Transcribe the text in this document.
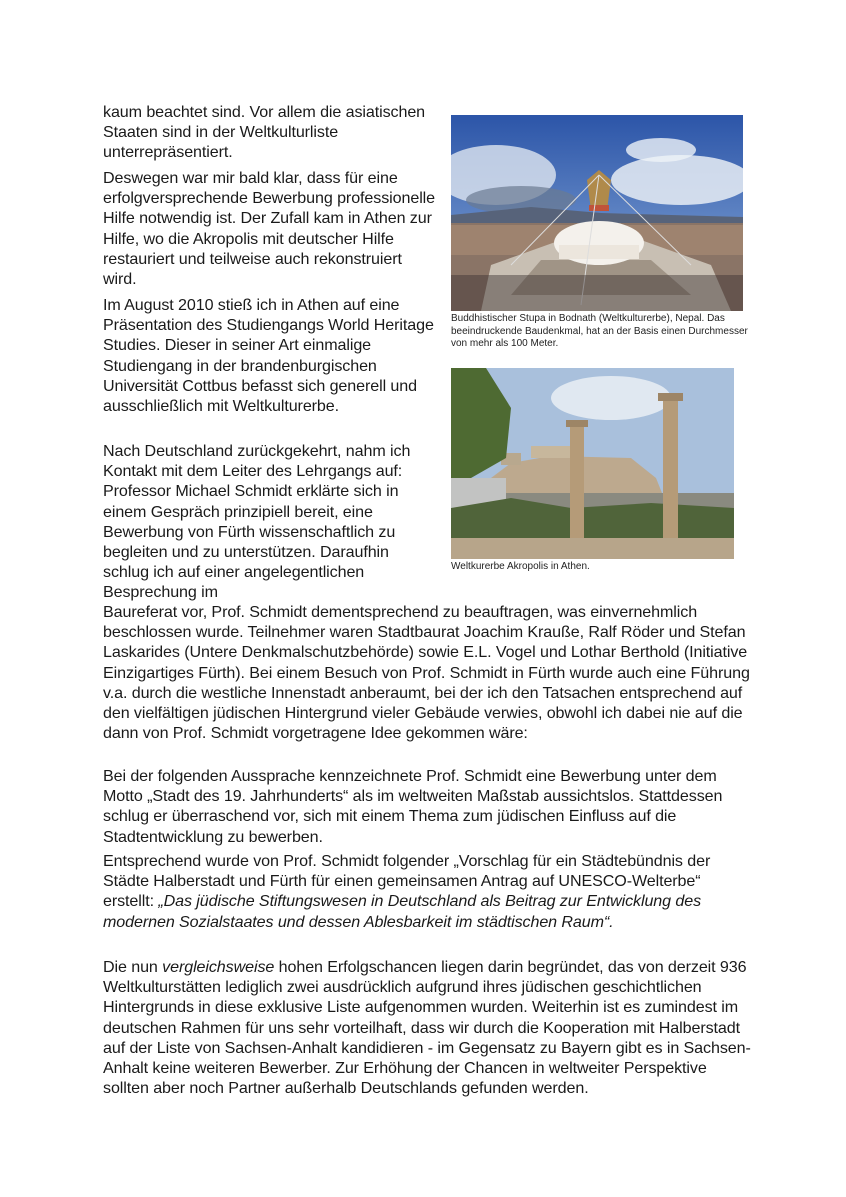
kaum beachtet sind. Vor allem die asiatischen Staaten sind in der Weltkulturliste unterrepräsentiert.

Deswegen war mir bald klar, dass für eine erfolgversprechende Bewerbung professionelle Hilfe notwendig ist. Der Zufall kam in Athen zur Hilfe, wo die Akropolis mit deutscher Hilfe restauriert und teilweise auch rekonstruiert wird.

Im August 2010 stieß ich in Athen auf eine Präsentation des Studiengangs World Heritage Studies. Dieser in seiner Art einmalige Studiengang in der brandenburgischen Universität Cottbus befasst sich generell und ausschließlich mit Weltkulturerbe.

Nach Deutschland zurückgekehrt, nahm ich Kontakt mit dem Leiter des Lehrgangs auf: Professor Michael Schmidt erklärte sich in einem Gespräch prinzipiell bereit, eine Bewerbung von Fürth wissenschaftlich zu begleiten und zu unterstützen. Daraufhin schlug ich auf einer angelegentlichen Besprechung im

Baureferat vor, Prof. Schmidt dementsprechend zu beauftragen, was einvernehmlich beschlossen wurde. Teilnehmer waren Stadtbaurat Joachim Krauße, Ralf Röder und Stefan Laskarides (Untere Denkmalschutzbehörde) sowie E.L. Vogel und Lothar Berthold (Initiative Einzigartiges Fürth). Bei einem Besuch von Prof. Schmidt in Fürth wurde auch eine Führung v.a. durch die westliche Innenstadt anberaumt, bei der ich den Tatsachen entsprechend auf den vielfältigen jüdischen Hintergrund vieler Gebäude verwies, obwohl ich dabei nie auf die dann von Prof. Schmidt vorgetragene Idee gekommen wäre:

Bei der folgenden Aussprache kennzeichnete Prof. Schmidt eine Bewerbung unter dem Motto „Stadt des 19. Jahrhunderts“ als im weltweiten Maßstab aussichtslos. Stattdessen schlug er überraschend vor, sich mit einem Thema zum jüdischen Einfluss auf die Stadtentwicklung zu bewerben.

Entsprechend wurde von Prof. Schmidt folgender „Vorschlag für ein Städtebündnis der Städte Halberstadt und Fürth für einen gemeinsamen Antrag auf UNESCO-Welterbe“ erstellt: „Das jüdische Stiftungswesen in Deutschland als Beitrag zur Entwicklung des modernen Sozialstaates und dessen Ablesbarkeit im städtischen Raum“.

Die nun vergleichsweise hohen Erfolgschancen liegen darin begründet, das von derzeit 936 Weltkulturstätten lediglich zwei ausdrücklich aufgrund ihres jüdischen geschichtlichen Hintergrunds in diese exklusive Liste aufgenommen wurden. Weiterhin ist es zumindest im deutschen Rahmen für uns sehr vorteilhaft, dass wir durch die Kooperation mit Halberstadt auf der Liste von Sachsen-Anhalt kandidieren - im Gegensatz zu Bayern gibt es in Sachsen-Anhalt keine weiteren Bewerber. Zur Erhöhung der Chancen in weltweiter Perspektive sollten aber noch Partner außerhalb Deutschlands gefunden werden.

Buddhistischer Stupa in Bodnath (Weltkulturerbe), Nepal. Das beeindruckende Baudenkmal, hat an der Basis einen Durchmesser von mehr als 100 Meter.
Weltkurerbe Akropolis in Athen.
